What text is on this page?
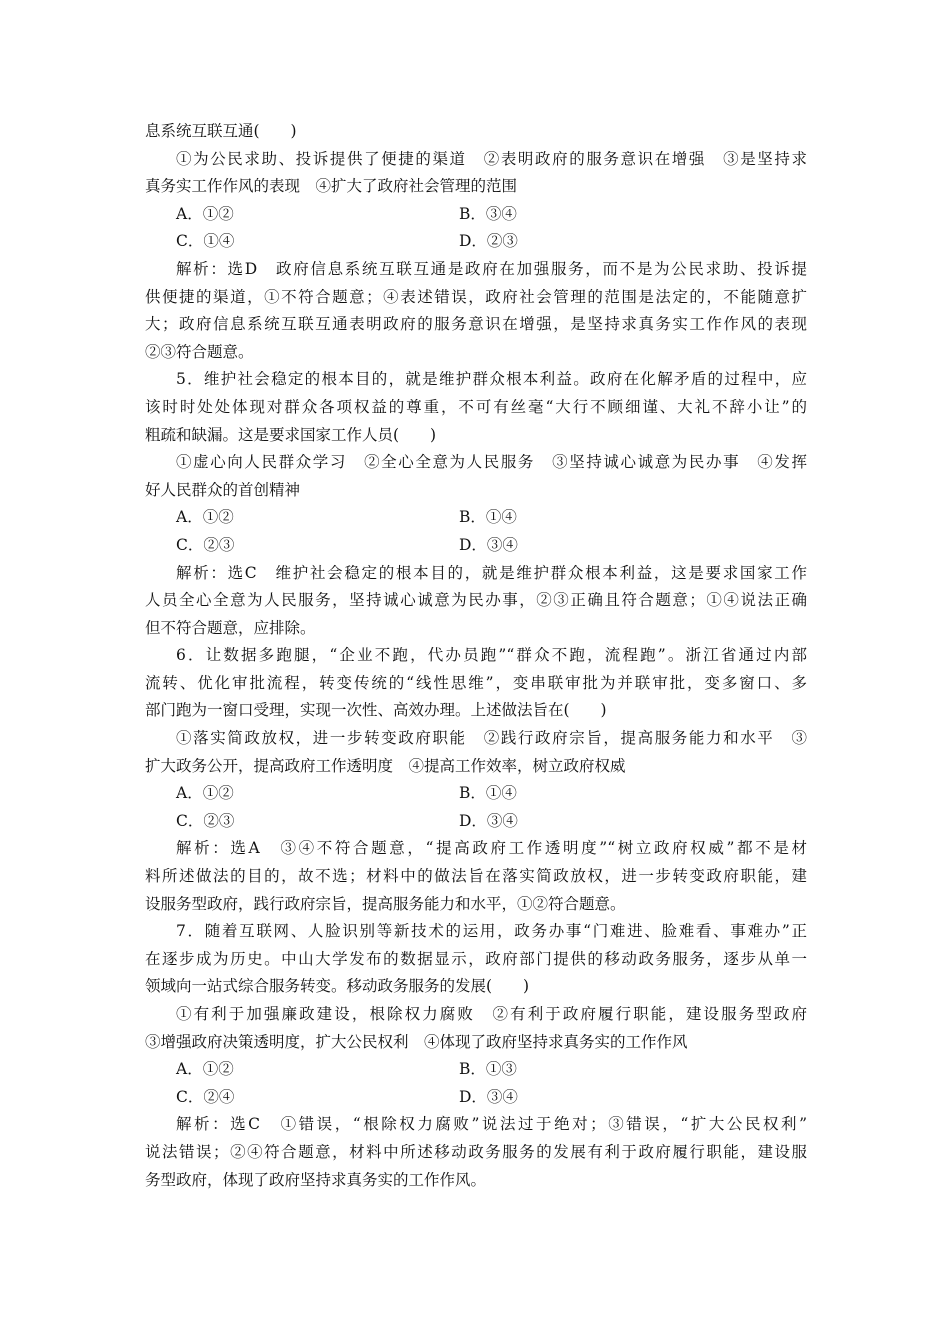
息系统互联互通(　　)

①为公民求助、投诉提供了便捷的渠道　②表明政府的服务意识在增强　③是坚持求

真务实工作作风的表现　④扩大了政府社会管理的范围

A．①②	B．③④
C．①④	D．②③

解析：选D　政府信息系统互联互通是政府在加强服务，而不是为公民求助、投诉提

供便捷的渠道，①不符合题意；④表述错误，政府社会管理的范围是法定的，不能随意扩

大；政府信息系统互联互通表明政府的服务意识在增强，是坚持求真务实工作作风的表现

②③符合题意。

5．维护社会稳定的根本目的，就是维护群众根本利益。政府在化解矛盾的过程中，应

该时时处处体现对群众各项权益的尊重，不可有丝毫“大行不顾细谨、大礼不辞小让”的

粗疏和缺漏。这是要求国家工作人员(　　)

①虚心向人民群众学习　②全心全意为人民服务　③坚持诚心诚意为民办事　④发挥

好人民群众的首创精神

A．①②	B．①④
C．②③	D．③④

解析：选C　维护社会稳定的根本目的，就是维护群众根本利益，这是要求国家工作

人员全心全意为人民服务，坚持诚心诚意为民办事，②③正确且符合题意；①④说法正确

但不符合题意，应排除。

6．让数据多跑腿，“企业不跑，代办员跑”“群众不跑，流程跑”。浙江省通过内部

流转、优化审批流程，转变传统的“线性思维”，变串联审批为并联审批，变多窗口、多

部门跑为一窗口受理，实现一次性、高效办理。上述做法旨在(　　)

①落实简政放权，进一步转变政府职能　②践行政府宗旨，提高服务能力和水平　③

扩大政务公开，提高政府工作透明度　④提高工作效率，树立政府权威

A．①②	B．①④
C．②③	D．③④

解析：选A　③④不符合题意，“提高政府工作透明度”“树立政府权威”都不是材

料所述做法的目的，故不选；材料中的做法旨在落实简政放权，进一步转变政府职能，建

设服务型政府，践行政府宗旨，提高服务能力和水平，①②符合题意。

7．随着互联网、人脸识别等新技术的运用，政务办事“门难进、脸难看、事难办”正

在逐步成为历史。中山大学发布的数据显示，政府部门提供的移动政务服务，逐步从单一

领域向一站式综合服务转变。移动政务服务的发展(　　)

①有利于加强廉政建设，根除权力腐败　②有利于政府履行职能，建设服务型政府

③增强政府决策透明度，扩大公民权利　④体现了政府坚持求真务实的工作作风

A．①②	B．①③
C．②④	D．③④

解析：选C　①错误，“根除权力腐败”说法过于绝对；③错误，“扩大公民权利”

说法错误；②④符合题意，材料中所述移动政务服务的发展有利于政府履行职能，建设服

务型政府，体现了政府坚持求真务实的工作作风。
